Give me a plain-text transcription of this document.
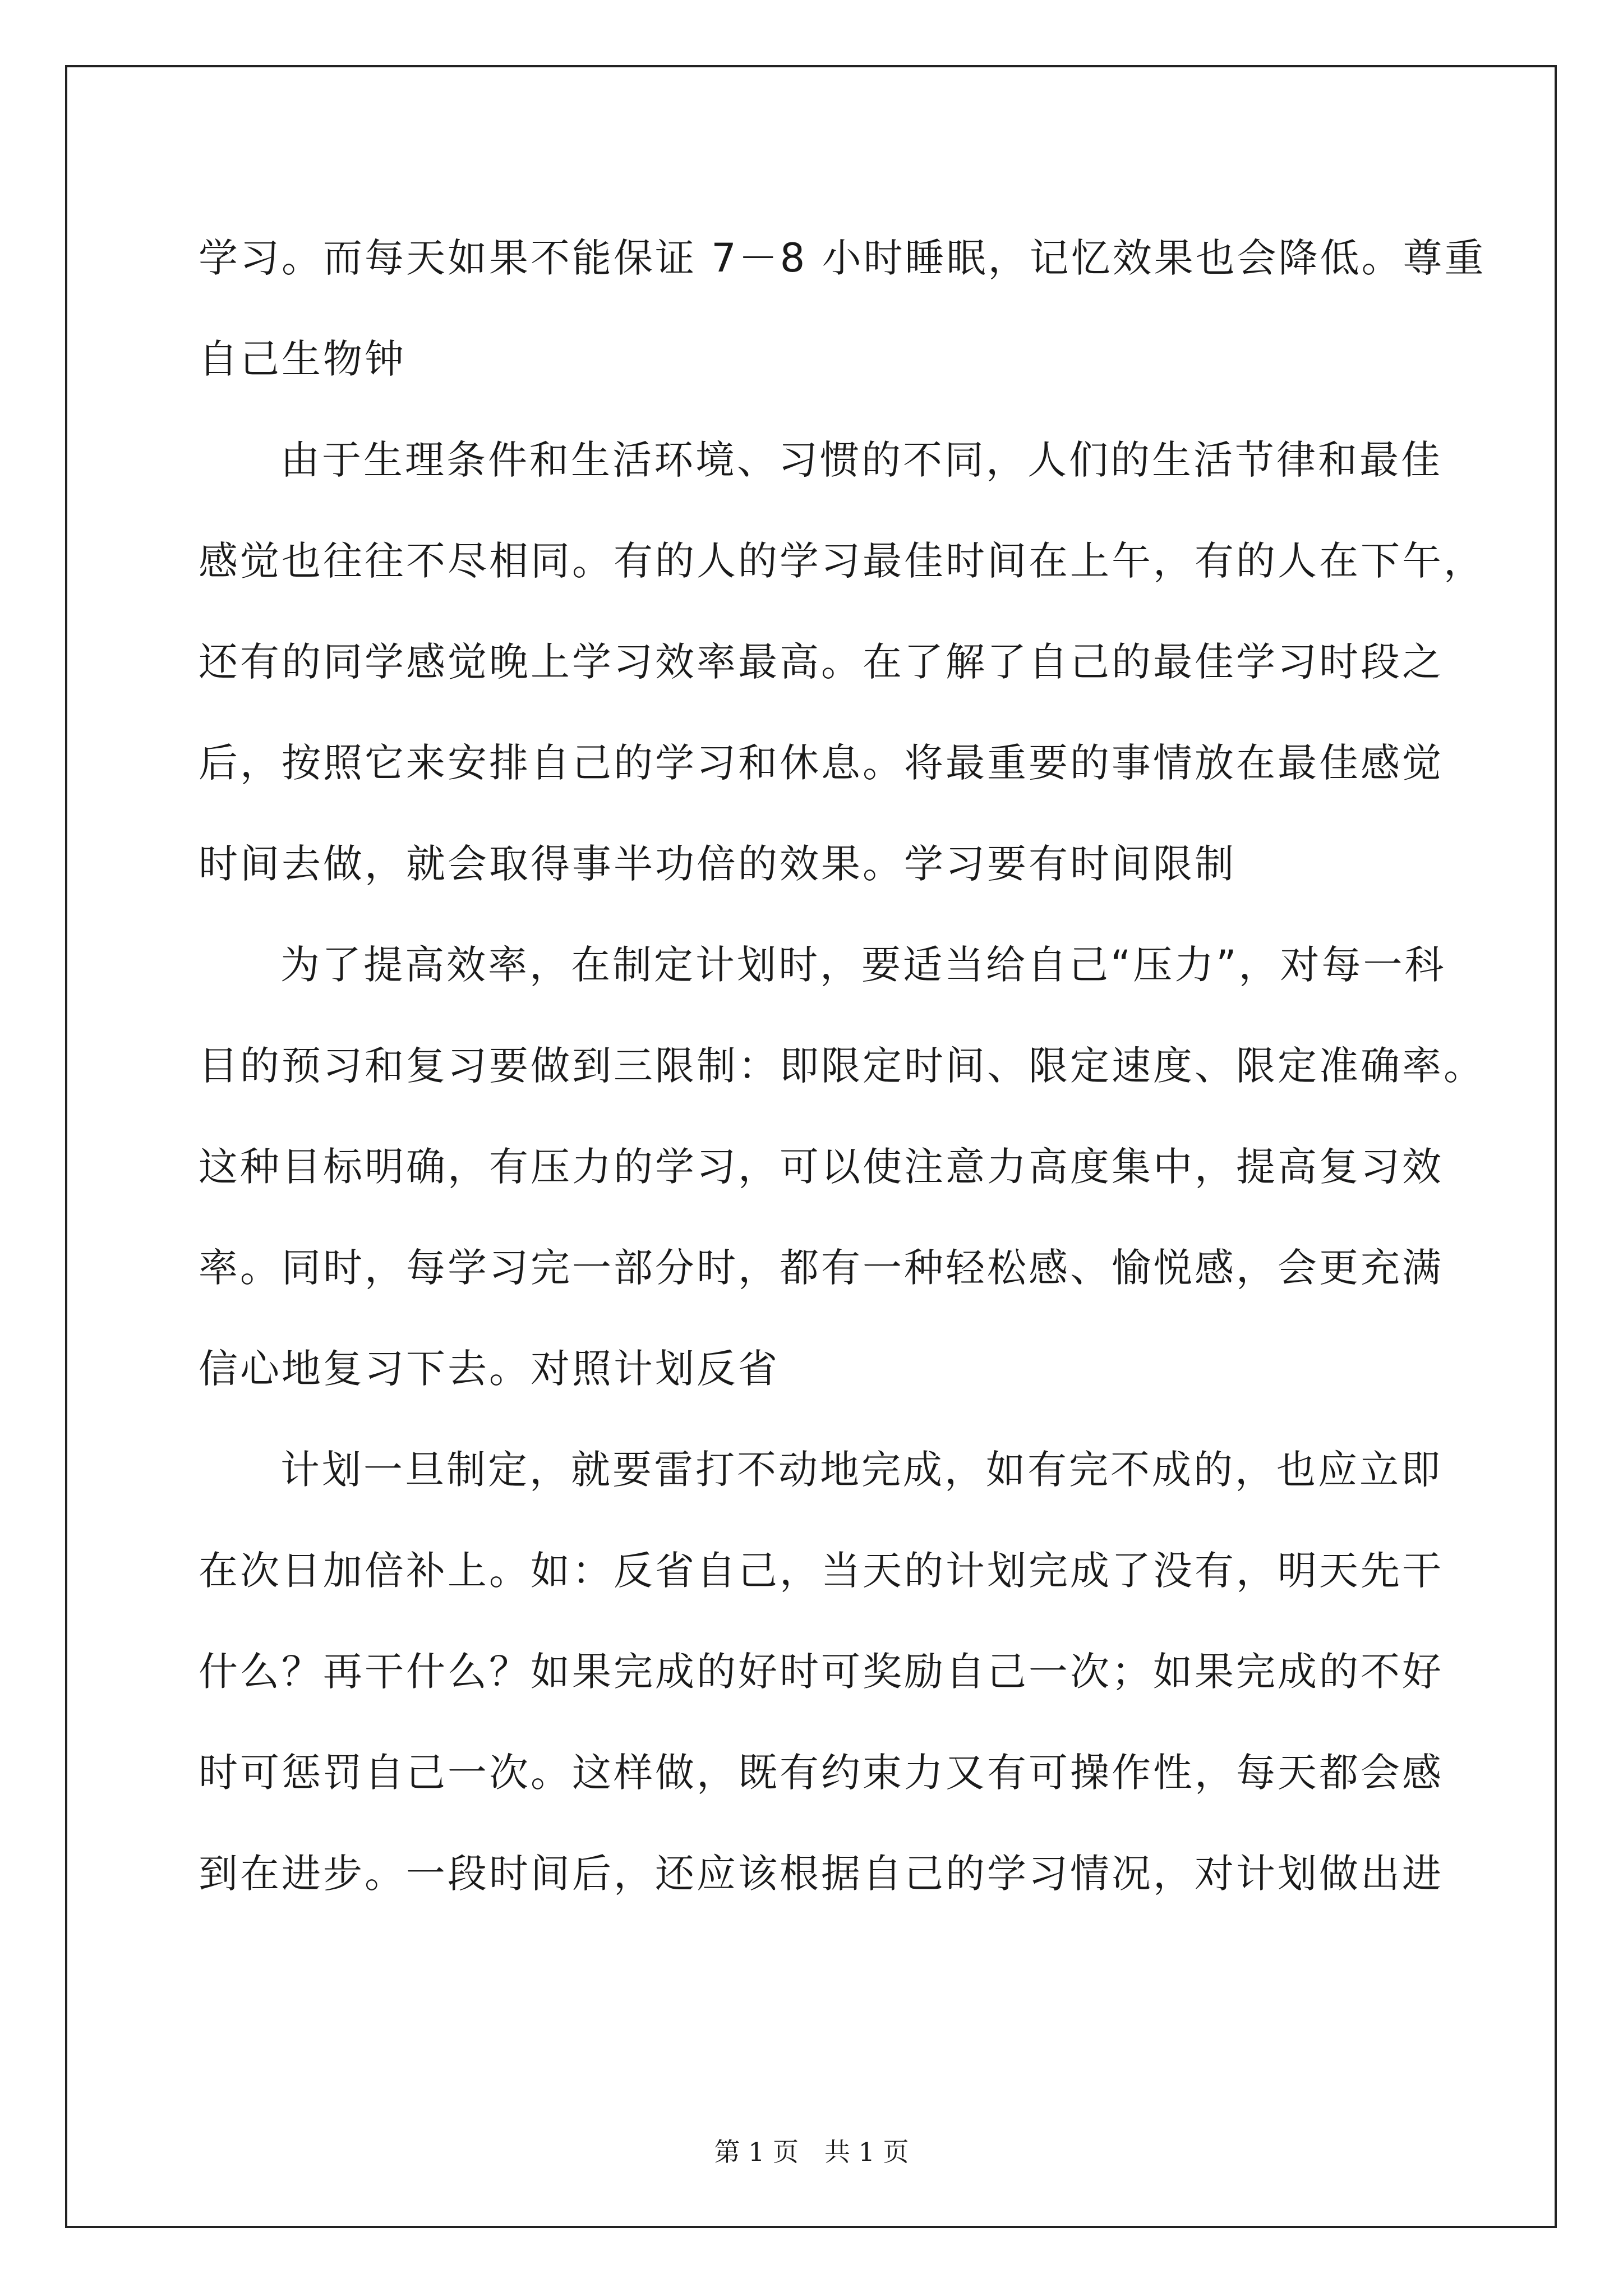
学习。而每天如果不能保证 7－8 小时睡眠，记忆效果也会降低。尊重
自己生物钟
由于生理条件和生活环境、习惯的不同，人们的生活节律和最佳
感觉也往往不尽相同。有的人的学习最佳时间在上午，有的人在下午，
还有的同学感觉晚上学习效率最高。在了解了自己的最佳学习时段之
后，按照它来安排自己的学习和休息。将最重要的事情放在最佳感觉
时间去做，就会取得事半功倍的效果。学习要有时间限制
为了提高效率，在制定计划时，要适当给自己“压力”，对每一科
目的预习和复习要做到三限制：即限定时间、限定速度、限定准确率。
这种目标明确，有压力的学习，可以使注意力高度集中，提高复习效
率。同时，每学习完一部分时，都有一种轻松感、愉悦感，会更充满
信心地复习下去。对照计划反省
计划一旦制定，就要雷打不动地完成，如有完不成的，也应立即
在次日加倍补上。如：反省自己，当天的计划完成了没有，明天先干
什么？再干什么？如果完成的好时可奖励自己一次；如果完成的不好
时可惩罚自己一次。这样做，既有约束力又有可操作性，每天都会感
到在进步。一段时间后，还应该根据自己的学习情况，对计划做出进
第 1 页　共 1 页
